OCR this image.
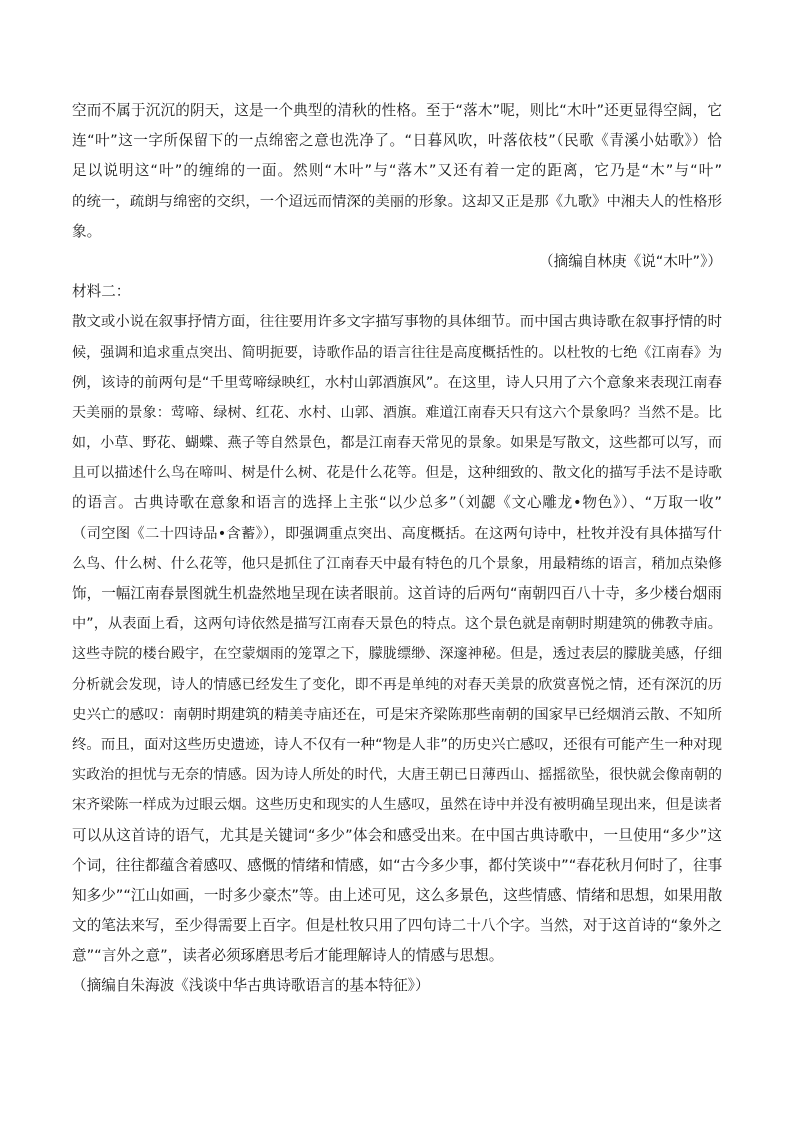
空而不属于沉沉的阴天，这是一个典型的清秋的性格。至于“落木”呢，则比“木叶”还更显得空阔，它
连“叶”这一字所保留下的一点绵密之意也洗净了。“日暮风吹，叶落依枝”（民歌《青溪小姑歌》）恰
足以说明这“叶”的缠绵的一面。然则“木叶”与“落木”又还有着一定的距离，它乃是“木”与“叶”
的统一，疏朗与绵密的交织，一个迢远而情深的美丽的形象。这却又正是那《九歌》中湘夫人的性格形
象。
（摘编自林庚《说“木叶”》）
材料二：
散文或小说在叙事抒情方面，往往要用许多文字描写事物的具体细节。而中国古典诗歌在叙事抒情的时
候，强调和追求重点突出、简明扼要，诗歌作品的语言往往是高度概括性的。以杜牧的七绝《江南春》为
例，该诗的前两句是“千里莺啼绿映红，水村山郭酒旗风”。在这里，诗人只用了六个意象来表现江南春
天美丽的景象：莺啼、绿树、红花、水村、山郭、酒旗。难道江南春天只有这六个景象吗？当然不是。比
如，小草、野花、蝴蝶、燕子等自然景色，都是江南春天常见的景象。如果是写散文，这些都可以写，而
且可以描述什么鸟在啼叫、树是什么树、花是什么花等。但是，这种细致的、散文化的描写手法不是诗歌
的语言。古典诗歌在意象和语言的选择上主张“以少总多”（刘勰《文心雕龙•物色》）、“万取一收”
（司空图《二十四诗品•含蓄》），即强调重点突出、高度概括。在这两句诗中，杜牧并没有具体描写什
么鸟、什么树、什么花等，他只是抓住了江南春天中最有特色的几个景象，用最精练的语言，稍加点染修
饰，一幅江南春景图就生机盎然地呈现在读者眼前。这首诗的后两句“南朝四百八十寺，多少楼台烟雨
中”，从表面上看，这两句诗依然是描写江南春天景色的特点。这个景色就是南朝时期建筑的佛教寺庙。
这些寺院的楼台殿宇，在空蒙烟雨的笼罩之下，朦胧缥缈、深邃神秘。但是，透过表层的朦胧美感，仔细
分析就会发现，诗人的情感已经发生了变化，即不再是单纯的对春天美景的欣赏喜悦之情，还有深沉的历
史兴亡的感叹：南朝时期建筑的精美寺庙还在，可是宋齐梁陈那些南朝的国家早已经烟消云散、不知所
终。而且，面对这些历史遗迹，诗人不仅有一种“物是人非”的历史兴亡感叹，还很有可能产生一种对现
实政治的担忧与无奈的情感。因为诗人所处的时代，大唐王朝已日薄西山、摇摇欲坠，很快就会像南朝的
宋齐梁陈一样成为过眼云烟。这些历史和现实的人生感叹，虽然在诗中并没有被明确呈现出来，但是读者
可以从这首诗的语气，尤其是关键词“多少”体会和感受出来。在中国古典诗歌中，一旦使用“多少”这
个词，往往都蕴含着感叹、感慨的情绪和情感，如“古今多少事，都付笑谈中”“春花秋月何时了，往事
知多少”“江山如画，一时多少豪杰”等。由上述可见，这么多景色，这些情感、情绪和思想，如果用散
文的笔法来写，至少得需要上百字。但是杜牧只用了四句诗二十八个字。当然，对于这首诗的“象外之
意”“言外之意”，读者必须琢磨思考后才能理解诗人的情感与思想。
（摘编自朱海波《浅谈中华古典诗歌语言的基本特征》）
